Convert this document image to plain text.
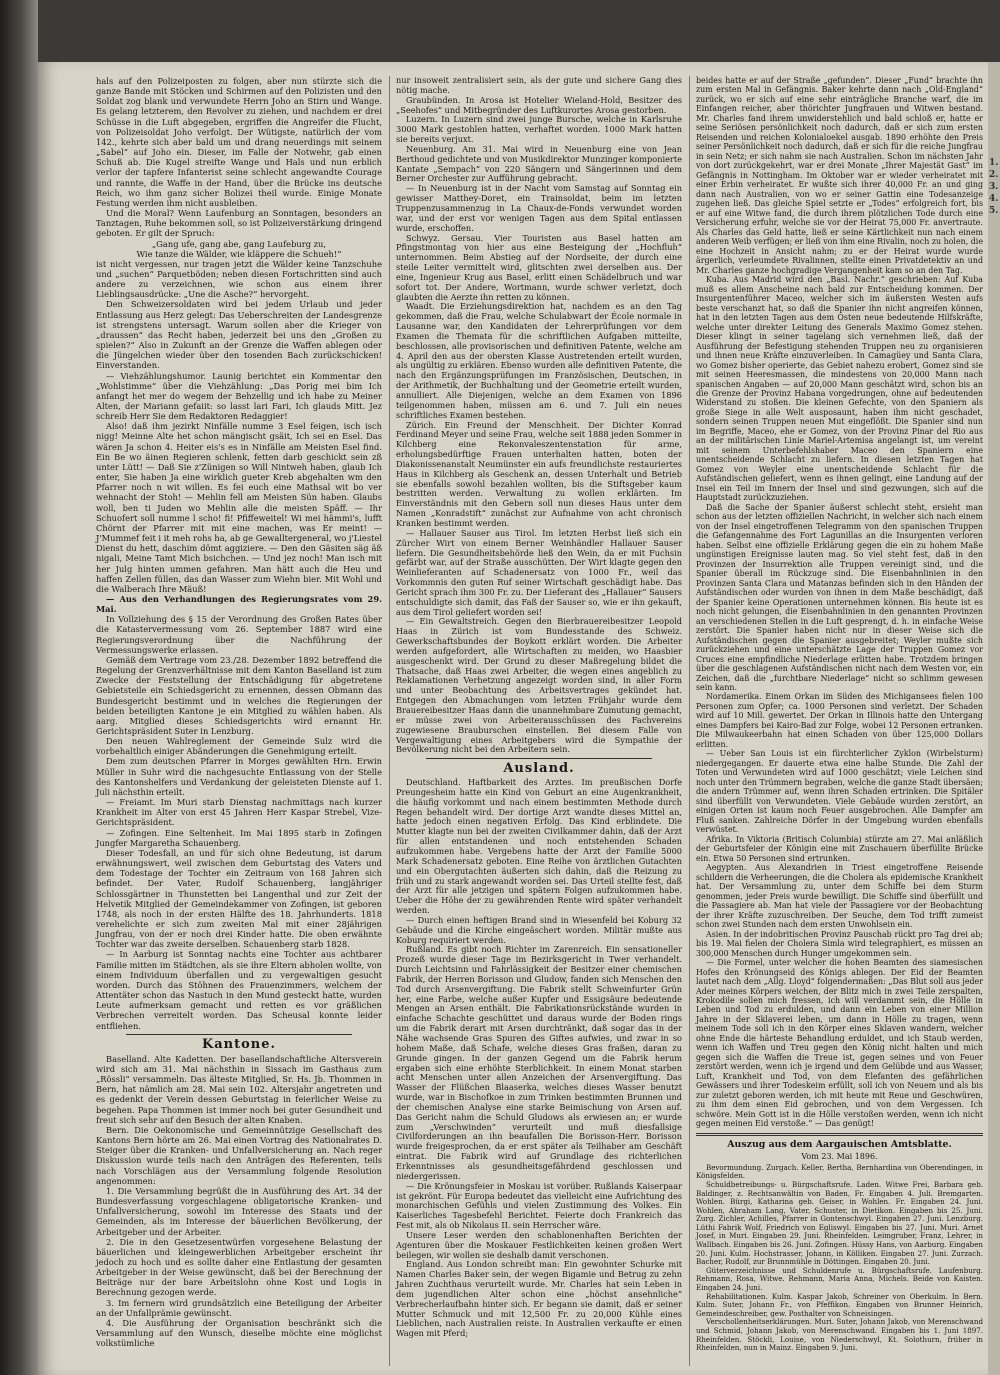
hals auf den Polizeiposten zu folgen, aber nun stürzte sich die ganze Bande mit Stöcken und Schirmen auf den Polizisten und den Soldat zog blank und verwundete Herrn Joho an Stirn und Wange. Es gelang letzterem, den Revolver zu ziehen, und nachdem er drei Schüsse in die Luft abgegeben, ergriffen die Angreifer die Flucht, von Polizeisoldat Joho verfolgt. Der Wütigste, natürlich der vom 142., kehrte sich aber bald um und drang neuerdings mit seinem „Sabel“ auf Joho ein. Dieser, im Falle der Notwehr, gab einen Schuß ab. Die Kugel streifte Wange und Hals und nun erblich verlor der tapfere Infanterist seine schlecht angewandte Courage und rannte, die Waffe in der Hand, über die Brücke ins deutsche Reich, wo ihm ganz sicher Bolizei theil wurde. Einige Monate Festung werden ihm nicht ausbleiben.

Und die Moral? Wenn Laufenburg an Sonntagen, besonders an Tanztagen, Ruhe bekommen soll, so ist Polizeiverstärkung dringend geboten. Er gilt der Spruch:

„Gang ufe, gang abe, gang Laufeburg zu,

Wie tanze die Wälder, wie kläppere die Schueh!“

ist nicht vergessen, nur tragen jetzt die Wälder keine Tanzschuhe und „suchen“ Parquetböden; neben diesen Fortschritten sind auch andere zu verzeichnen, wie schon aus einem ihrer Lieblingsausdrücke: „Une die Asche?“ hervorgeht.

Den Schweizersoldaten wird bei jedem Urlaub und jeder Entlassung aus Herz gelegt: Das Ueberschreiten der Landesgrenze ist strengstens untersagt. Warum sollen aber die Krieger von „draussen“ das Recht haben, jederzeit bei uns den „Großen zu spielen?“ Also in Zukunft an der Grenze die Waffen ablegen oder die Jüngelchen wieder über den tosenden Bach zurückschicken! Einverstanden.

— Viehzählungshumor. Launig berichtet ein Kommentar den „Wohlstimme“ über die Viehzählung: „Das Porig mei bim Ich anfangt het mer do wegem der Behzellig und ich habe zu Meiner Alten, der Mariann gefaiit: so lasst lari Fari, Ich glauds Mitt. Jez schreib Herr Sie dem Redaktoren Redaggier!

Also! daß ihm jezirkt Ninfälle numme 3 Esel feigen, isch isch nigg! Meinne Alte het schon mängischt gsäit, Ich sei en Esel. Das wären Ja schon 4. Heiter eis's es in Ninfälle am Meisten Esel find. Ein Be wo äinen Regieren schlenk, fetten darb geschickt sein zß unter Lütt! — Daß Sie z'Zünigen so Will Nintweh haben, glaub Ich enter, Sie haben Ja eine wirklich gueter Kreb abgehalten wm den Pfarrer noch n wit willen. Es fei euch eine Mathsal wit bo ver wehnacht der Stoh! — Mehlin fell am Meisten Sün haben. Glaubs woll, ben ti Juden wo Mehlin alle die meisten Späff. — Ihr Schuofert soll numme l scho! fi! Pfiffeweitel! Wi mei hämmi's, lufft Chörnt der Pfarrer mit mit eine machen, was Er meint! — J'Mummef feit i it meh rohs ha, ab ge Gewalltergeneral, wo j'Liestel Dienst du hett, daschim dömt aggiziere. — Den den Gäsiten säg äß nigali, Meine Tamt Mich bsichchen. — Und jez noch! Man isch mit her Julg hinten ummen gefahren. Man hätt auch die Heu und haffen Zellen füllen, das dan Wasser zum Wiehn bier. Mit Wohl und die Walberach Ihre Mäuß!

— Aus den Verhandlungen des Regierungsrates vom 29. Mai.

In Vollziehung des § 15 der Verordnung des Großen Rates über die Katastervermessung vom 26. September 1887 wird eine Regierungsverordnung über die Nachführung der Vermessungswerke erlassen.

Gemäß dem Vertrage vom 23./28. Dezember 1892 betreffend die Regelung der Grenzverhältnisse mit dem Kanton Baselland ist zum Zwecke der Feststellung der Entschädigung für abgetretene Gebietsteile ein Schiedsgericht zu ernennen, dessen Obmann das Bundesgericht bestimmt und in welches die Regierungen der beiden beteiligten Kantone je ein Mitglied zu wählen haben. Als aarg. Mitglied dieses Schiedsgerichts wird ernannt Hr. Gerichtspräsident Suter in Lenzburg.

Den neuen Wahlreglement der Gemeinde Sulz wird die vorbehaltlich einiger Abänderungen die Genehmigung erteilt.

Dem zum deutschen Pfarrer in Morges gewählten Hrn. Erwin Müller in Suhr wird die nachgesuchte Entlassung von der Stelle des Kantonshelfers und Verdankung der geleisteten Dienste auf 1. Juli nächsthin erteilt.

— Freiamt. Im Muri starb Dienstag nachmittags nach kurzer Krankheit im Alter von erst 45 Jahren Herr Kaspar Strebel, Vize-Gerichtspräsident.

— Zofingen. Eine Seltenheit. Im Mai 1895 starb in Zofingen Jungfer Margaretha Schauenberg.

Dieser Todesfall, an und für sich ohne Bedeutung, ist darum erwähnungswert, weil zwischen dem Geburtstag des Vaters und dem Todestage der Tochter ein Zeitraum von 168 Jahren sich befindet. Der Vater, Rudolf Schauenberg, langjähriger Schlossgärtner in Thunstetten bei Langenthal und zur Zeit der Helvetik Mitglied der Gemeindekammer von Zofingen, ist geboren 1748, als noch in der ersten Hälfte des 18. Jahrhunderts. 1818 verehelichte er sich zum zweiten Mal mit einer 28jährigen Jungfrau, von der er noch drei Kinder hatte. Die oben erwähnte Tochter war das zweite derselben. Schauenberg starb 1828.

— In Aarburg ist Sonntag nachts eine Tochter aus achtbarer Familie mitten im Städtchen, als sie ihre Eltern abholen wollte, von einem Individuum überfallen und zu vergewaltigen gesucht worden. Durch das Stöhnen des Frauenzimmers, welchem der Attentäter schon das Nastuch in den Mund gesteckt hatte, wurden Leute aufmerksam gemacht und retten es vor gräßlichen Verbrechen verreitelt worden. Das Scheusal konnte leider entfliehen.

Kantone.

Baselland. Alte Kadetten. Der basellandschaftliche Altersverein wird sich am 31. Mai nächsthin in Sissach im Gasthaus zum „Rössli“ versammeln. Das älteste Mitglied, Sr. Hs. Jb. Thommen in Bern, hat nämlich am 28. Mai sein 102. Altersjahr angetreten und es gedenkt der Verein dessen Geburtstag in feierlicher Weise zu begehen. Papa Thommen ist immer noch bei guter Gesundheit und freut sich sehr auf den Besuch der alten Knaben.

Bern. Die Oekonomische und Gemeinnützige Gesellschaft des Kantons Bern hörte am 26. Mai einen Vortrag des Nationalrates D. Steiger über die Kranken- und Unfallversicherung an. Nach reger Diskussion wurde teils nach den Anträgen des Referenten, teils nach Vorschlägen aus der Versammlung folgende Resolution angenommen:

1. Die Versammlung begrüßt die in Ausführung des Art. 34 der Bundesverfassung vorgeschlagene obligatorische Kranken- und Unfallversicherung, sowohl im Interesse des Staats und der Gemeinden, als im Interesse der bäuerlichen Bevölkerung, der Arbeitgeber und der Arbeiter.

2. Die in den Gesetzesentwürfen vorgesehene Belastung der bäuerlichen und kleingewerblichen Arbeitgeber erscheint ihr jedoch zu hoch und es sollte daher eine Entlastung der gesamten Arbeitgeber in der Weise gewünscht, daß bei der Berechnung der Beiträge nur der bare Arbeitslohn ohne Kost und Logis in Berechnung gezogen werde.

3. Im fernern wird grundsätzlich eine Beteiligung der Arbeiter an der Unfallprämie gewünscht.

4. Die Ausführung der Organisation beschränkt sich die Versammlung auf den Wunsch, dieselbe möchte eine möglichst volkstümliche

nur insoweit zentralisiert sein, als der gute und sichere Gang dies nötig mache.

Graubünden. In Arosa ist Hotelier Wieland-Hold, Besitzer des „Seehofes“ und Mitbegründer des Luftkurortes Arosa gestorben.

Luzern. In Luzern sind zwei junge Bursche, welche in Karlsruhe 3000 Mark gestohlen hatten, verhaftet worden. 1000 Mark hatten sie bereits verjuxt.

Neuenburg. Am 31. Mai wird in Neuenburg eine von Jean Berthoud gedichtete und von Musikdirektor Munzinger komponierte Kantate „Sempach“ von 220 Sängern und Sängerinnen und dem Berner Orchester zur Aufführung gebracht.

— In Neuenburg ist in der Nacht vom Samstag auf Sonntag ein gewisser Matthey-Doret, ein Trainsoldat, beim im letzten Truppenzusammenzug in La Chaux-de-Fonds verwundet worden war, und der erst vor wenigen Tagen aus dem Spital entlassen wurde, erschoffen.

Schwyz. Gersau. Vier Touristen aus Basel hatten am Pfingstmontag von hier aus eine Besteigung der „Hochfluh“ unternommen. Beim Abstieg auf der Nordseite, der durch eine steile Leiter vermittelt wird, glitschten zwei derselben aus. Der eine, Ingenieur Krug aus Basel, erlitt einen Schädelbruch und war sofort tot. Der Andere, Wortmann, wurde schwer verletzt, doch glaubten die Aerzte ihn retten zu können.

Waadt. Die Erziehungsdirektion hat, nachdem es an den Tag gekommen, daß die Frau, welche Schulabwart der École normale in Lausanne war, den Kandidaten der Lehrerprüfungen vor dem Examen die Themata für die schriftlichen Aufgaben mitteilte, beschlossen, alle provisorischen und definitiven Patente, welche am 4. April den aus der obersten Klasse Austretenden erteilt wurden, als ungültig zu erklären. Ebenso wurden alle definitiven Patente, die nach den Ergänzungsprüfungen im Französischen, Deutschen, in der Arithmetik, der Buchhaltung und der Geometrie erteilt wurden, annulliert. Alle Diejenigen, welche an dem Examen von 1896 teilgenommen haben, müssen am 6. und 7. Juli ein neues schriftliches Examen bestehen.

Zürich. Ein Freund der Menschheit. Der Dichter Konrad Ferdinand Meyer und seine Frau, welche seit 1888 jeden Sommer in Kilchberg eine Rekonvaleszentenstation für arme, erholungsbedürftige Frauen unterhalten hatten, boten der Diakonissenanstalt Neumünster ein aufs freundlichste restauriertes Haus in Kilchberg als Geschenk an, dessen Unterhalt und Betrieb sie ebenfalls sowohl bezahlen wollten, bis die Stiftsgeber kaum bestritten werden. Verwaltung zu wollen erklärten. Im Einverständnis mit den Gebern soll nun dieses Haus unter dem Namen „Konradstift“ zunächst zur Aufnahme von acht chronisch Kranken bestimmt werden.

— Hallauer Sauser aus Tirol. Im letzten Herbst ließ sich ein Zürcher Wirt von einem Berner Weinhändler Hallauer Sauser liefern. Die Gesundheitsbehörde ließ den Wein, da er mit Fuchsin gefärbt war, auf der Straße ausschütten. Der Wirt klagte gegen den Weinlieferanten auf Schadenersatz von 1000 Fr., weil das Vorkommnis den guten Ruf seiner Wirtschaft geschädigt habe. Das Gericht sprach ihm 300 Fr. zu. Der Lieferant des „Hallauer“ Sausers entschuldigte sich damit, das Faß der Sauser so, wie er ihn gekauft, aus dem Tirol geliefert worden sei!

— Ein Gewaltstreich. Gegen den Bierbrauereibesitzer Leopold Haas in Zürich ist vom Bundesstande des Schweiz. Gewerkschaftsbundes der Boykott erklärt worden. Die Arbeiter werden aufgefordert, alle Wirtschaften zu meiden, wo Haasbier ausgeschenkt wird. Der Grund zu dieser Maßregelung bildet die Thatsache, daß Haas zwei Arbeiter, die wegen eines angeblich zu Reklamationen Verhetzung angezeigt worden sind, in aller Form und unter Beobachtung des Arbeitsvertrages gekündet hat. Entgegen den Abmachungen vom letzten Frühjahr wurde dem Brauereibesitzer Haas dann die unannehmbare Zumutung gemacht, er müsse zwei von Arbeiterausschüssen des Fachvereins zugewiesene Brauburschen einstellen. Bei diesem Falle von Vergewaltigung eines Arbeitgebers wird die Sympathie der Bevölkerung nicht bei den Arbeitern sein.

Ausland.

Deutschland. Haftbarkeit des Arztes. Im preußischen Dorfe Preungesheim hatte ein Kind von Geburt an eine Augenkrankheit, die häufig vorkommt und nach einem bestimmten Methode durch Regen behandelt wird. Der dortige Arzt wandte dieses Mittel an, hatte jedoch einen negativen Erfolg. Das Kind erblindete. Die Mutter klagte nun bei der zweiten Civilkammer dahin, daß der Arzt für allen entstandenen und noch entstehenden Schaden aufzukommen habe. Vergebens hatte der Arzt der Familie 5000 Mark Schadenersatz geboten. Eine Reihe von ärztlichen Gutachten und ein Obergutachten äußerten sich dahin, daß die Reizung zu früh und zu stark angewandt worden sei. Das Urteil stellte fest, daß der Arzt für alle jetzigen und spätern Folgen aufzukommen habe. Ueber die Höhe der zu gewährenden Rente wird später verhandelt werden.

— Durch einen heftigen Brand sind in Wiesenfeld bei Koburg 32 Gebäude und die Kirche eingeäschert worden. Militär mußte aus Koburg requiriert werden.

Rußland. Es gibt noch Richter im Zarenreich. Ein sensationeller Prozeß wurde dieser Tage im Bezirksgericht in Twer verhandelt. Durch Leichtsinn und Fahrlässigkeit der Besitzer einer chemischen Fabrik, der Herren Borisson und Gludow, fanden sich Menschen den Tod durch Arsenvergiftung. Die Fabrik stellt Schweinfurter Grün her, eine Farbe, welche außer Kupfer und Essigsäure bedeutende Mengen an Arsen enthält. Die Fabrikationsrückstände wurden in einfache Schachte geschüttet und daraus wurde der Boden rings um die Fabrik derart mit Arsen durchtränkt, daß sogar das in der Nähe wachsende Gras Spuren des Giftes aufwies, und zwar in so hohem Maße, daß Schafe, welche dieses Gras fraßen, daran zu Grunde gingen. In der ganzen Gegend um die Fabrik herum ergaben sich eine erhöhte Sterblichkeit. In einem Monat starben acht Menschen unter allen Anzeichen der Arsenvergiftung. Das Wasser der Flüßchen Blaaserka, welches dieses Wasser benutzt wurde, war in Bischofkoe in zum Trinken bestimmten Brunnen und der chemischen Analyse eine starke Beimischung von Arsen auf. Das Gericht nahm die Schuld Gludows als erwiesen an; er wurde zum „Verschwinden“ verurteilt und muß diesfallsige Civilforderungen an ihn beaufallen Die Borisson-Herr. Borisson wurde freigesprochen, da er erst später als Teilhaber am Geschäft eintrat. Die Fabrik wird auf Grundlage des richterlichen Erkenntnisses als gesundheitsgefährdend geschlossen und niedergerissen.

— Die Krönungsfeier in Moskau ist vorüber. Rußlands Kaiserpaar ist gekrönt. Für Europa bedeutet das vielleicht eine Aufrichtung des monarchischen Gefühls und vielen Zustimmung des Volkes. Ein Kaiserliches Tagesbefehl Berichtet. Feierte doch Frankreich das Fest mit, als ob Nikolaus II. sein Herrscher wäre.

Unsere Leser werden den schablonenhaften Berichten der Agenturen über die Moskauer Festlichkeiten keinen großen Wert beilegen, wir wollen sie deshalb damit verschonen.

England. Aus London schreibt man: Ein gewohnter Schurke mit Namen Charles Baker sein, der wegen Bigamie und Betrug zu zehn Jahren Zuchthaus verurteilt wurde. Mr. Charles hat sein Leben in dem jugendlichen Alter schon eine „höchst ansehnliche“ Verbrecherlaufbahn hinter sich. Er begann sie damit, daß er seiner Mutter Schmuck und mit 12,500 Fr. zu 20,000 Kühle eines Lieblichen, nach Australien reiste. In Australien verkaufte er einen Wagen mit Pferd;

beides hatte er auf der Straße „gefunden“. Dieser „Fund“ brachte ihn zum ersten Mal in Gefängnis. Baker kehrte dann nach „Old-England“ zurück, wo er sich auf eine sehr einträgliche Branche warf, die im Einfangen reicher, aber thörichter Jungfrauen und Witwen bestand. Mr. Charles fand ihrem unwiderstehlich und bald schloß er, hatte er seine Seriösen persönlichkeit noch dadurch, daß er sich zum ersten Reisenden und reichen Kolonialoekel ausgab. 1890 erhöhte den Preis seiner Persönlichkeit noch dadurch, daß er sich für die reiche Jungfrau in sein Netz; er sich nahm sie nach Australien. Schon im nächsten Jahr von dort zurückgekehrt, war er drei Monate „Ihrer Majestät Gast“ im Gefängnis in Nottingham. Im Oktober war er wieder verheiratet mit einer Erbin verheiratet. Er wußte sich ihrer 40,000 Fr. an und ging dann nach Australien, von wo er seiner Gattin eine Todesanzeige zugehen ließ. Das gleiche Spiel setzte er „Todes“ erfolgreich fort, bis er auf eine Witwe fand, die durch ihrem plötzlichen Tode durch eine Versicherung erfuhr, welche sie vor der Heirat 75,000 Fr. anvertraute. Als Charles das Geld hatte, ließ er seine Kärtlichkeit nun nach einem anderen Weib verfügen; er ließ von ihm eine Rivalin, noch zu holen, die eine Hochzeit in Ansicht nahm; zu er der Heirat wurde wurde ärgerlich, verleumdete Rivalinnen, stellte einen Privatdetektiv an und Mr. Charles ganze hochgradige Vergangenheit kam so an den Tag.

Kuba. Aus Madrid wird den „Basl. Nachr.“ geschrieben: Auf Kuba muß es allem Anscheine nach bald zur Entscheidung kommen. Der Insurgentenführer Maceo, welcher sich im äußersten Westen aufs beste verschanzt hat, so daß die Spanier ihn nicht angreifen können, hat in den letzten Tagen aus dem Osten neue bedeutende Hilfskräfte, welche unter direkter Leitung des Generals Maximo Gomez stehen. Dieser klingt in seiner tagelang sich vernehmen ließ, daß der Ausführung der Befestigung stehenden Truppen neu zu organisieren und ihnen neue Kräfte einzuverleiben. In Camagüey und Santa Clara, wo Gomez bisher operierte, das Gebiet nahezu erobert, Gomez sind sie mit seinen Heeresmassen, die mindestens von 20,000 Mann nach spanischen Angaben — auf 20,000 Mann geschätzt wird, schon bis an die Grenze der Provinz Habana vorgedrungen, ohne auf bedeutenden Widerstand zu stoßen. Die kleinen Gefechte, von den Spaniern als große Siege in alle Welt ausposaunt, haben ihm nicht geschadet, sondern seinen Truppen neuen Mut eingeflößt. Die Spanier sind nun im Begriffe, Maceo, ehe er Gomez, von der Provinz Pinar del Rio aus an der militärischen Linie Mariel-Artemisa angelangt ist, um vereint mit seinem Unterbefehlshaber Maceo den Spaniern eine unentscheidende Schlacht zu liefern. In diesen letzten Tagen hat Gomez von Weyler eine unentscheidende Schlacht für die Aufständischen geliefert, wenn es ihnen gelingt, eine Landung auf der Insel ein Teil im Innern der Insel und sind gezwungen, sich auf die Hauptstadt zurückzuziehen.

Daß die Sache der Spanier äußerst schlecht steht, ersieht man schon aus der letzten offiziellen Nachricht, in welcher sich nach einem von der Insel eingetroffenen Telegramm von den spanischen Truppen die Gefangennahme des Fort Lagunillas an die Insurgenten verloren haben. Selbst eine offizielle Erklärung gegen die ein zu hohem Maße ungünstigen Ereignisse lauten mag. So viel steht fest, daß in den Provinzen der Insurrektion alle Truppen vereinigt sind, und die Spanier überall im Rückzuge sind. Die Eisenbahnlinien in den Provinzen Santa Clara und Matanzas befinden sich in den Händen der Aufständischen oder wurden von ihnen in dem Maße beschädigt, daß der Spanier keine Operationen unternehmen können. Bis heute ist es noch nicht gelungen, die Eisenbahnlinien in den genannten Provinzen an verschiedenen Stellen in die Luft gesprengt, d. h. in einfache Weise zerstört. Die Spanier haben nicht nur in dieser Weise sich die Aufständischen gegen die Spanier ausgebreitet; Weyler mußte sich zurückziehen und eine unterschätzte Lage der Truppen Gomez vor Cruces eine empfindliche Niederlage erlitten habe. Trotzdem bringen über die geschlagenen Aufständischen nicht nach dem Westen vor, ein Zeichen, daß die „furchtbare Niederlage“ nicht so schlimm gewesen sein kann.

Nordamerika. Einem Orkan im Süden des Michigansees fielen 100 Personen zum Opfer; ca. 1000 Personen sind verletzt. Der Schaden wird auf 10 Mill. gewertet. Der Orkan in Illinois hatte den Untergang eines Dampfers bei Kairo-Bad zur Folge, wobei 12 Personen ertranken. Die Milwaukeerbahn hat einen Schaden von über 125,000 Dollars erlitten.

— Ueber San Louis ist ein fürchterlicher Zyklon (Wirbelsturm) niedergegangen. Er dauerte etwa eine halbe Stunde. Die Zahl der Toten und Verwundeten wird auf 1000 geschätzt; viele Leichen sind noch unter den Trümmern begraben, welche die ganze Stadt übersäen; die andern Trümmer auf, wenn ihren Schaden ertrinken. Die Spitäler sind überfüllt von Verwundeten. Viele Gebäude wurden zerstört, an einigen Orten ist kaum noch Feuer ausgebrochen. Alle Dampfer am Fluß sanken. Zahlreiche Dörfer in der Umgebung wurden ebenfalls verwüstet.

Afrika. In Viktoria (Britisch Columbia) stürzte am 27. Mai anläßlich der Geburtsfeier der Königin eine mit Zuschauern überfüllte Brücke ein. Etwa 50 Personen sind ertrunken.

Aegypten. Aus Alexandrien in Triest eingetroffene Reisende schildern die Verheerungen, die die Cholera als epidemische Krankheit hat. Der Versammlung zu, unter dem Schiffe bei dem Sturm genommen, jeder Preis wurde bewilligt. Die Schiffe sind überfüllt und die Passagiere ab. Man hat viele der Passagiere vor der Beobachtung der ihrer Kräfte zuzuschreiben. Der Seuche, dem Tod trifft zumeist schon zwei Stunden nach dem ersten Unwohlsein ein.

Asien. In der indobritischen Provinz Pauschab rückt pro Tag drei ab; bis 19. Mai fielen der Cholera Simla wird telegraphiert, es müssen an 300,000 Menschen durch Hunger umgekommen sein.

— Die Formel, unter welcher die hohen Beamten des siamesischen Hofes den Krönungseid des Königs ablegen. Der Eid der Beamten lautet nach dem „Allg. Lloyd“ folgendermaßen: „Das Blut soll aus jeder Ader meines Körpers weichen, der Blitz mich in zwei Teile zerspalten, Krokodile sollen mich fressen, ich will verdammt sein, die Hölle in Leben und Tod zu erdulden, und dann ein Leben von einer Million Jahre in der Sklaverei leben, um dann in Hölle zu tragen, wenn meinem Tode soll ich in den Körper eines Sklaven wandern, welcher ohne Ende die härteste Behandlung erduldet, und ich Staub werden, wenn ich Waffen und Treu gegen den König nicht halten und mich gegen sich die Waffen die Treue ist, gegen seines und von Feuer zerstört werden, wenn ich je irgend und dem Gelübde und aus Wasser, Luft, Krankheit und Tod, von dem Elefanten des gefährlichen Gewässers und ihrer Todeskeim erfüllt, soll ich von Neuem und als bis zur zuletzt geboren werden, ich mit heute mit Reue und Geschwüren, zu ihm dem einen Eid gebrochen, und von dem Vergessen. Ich schwöre. Mein Gott ist in die Hölle verstoßen werden, wenn ich nicht gegen meinen Eid verstoße.“ — Das genügt!

Auszug aus dem Aargauischen Amtsblatte.
Vom 23. Mai 1896.

Bevormundung. Zurgach. Keller, Bertha, Bernhardina von Oberendingen, in Königsfelden.

Schuldbetreibungs- u. Bürgschaftsrufe. Laden. Witwe Frei, Barbara geb. Baldinger, z. Rechtsanwältin von Baden, Fr. Eingaben 4. Juli. Bremgarten. Wohlen. Bürgi, Katharina geb. Geiser, in Wohlen. Fr. Eingaben 24. Juni. Wohlen, Abraham Lang, Vater, Schuster, in Dietikon. Eingaben bis 25. Juni. Zurg. Zichler, Achilles, Pfarrer in Gontenschwyl. Eingaben 27. Juni. Lenzburg. Lüthi Fabrik Wolf, Friedrich von Egliswyl. Eingaben bis 27. Juni. Muri. Arnet Josef, in Muri. Eingaben 29. Juni. Rheinfelden. Leimgruber, Franz, Lehrer, in Wallbach. Eingaben bis 26. Juni. Zofingen. Hüssy Hans, von Aarburg. Eingaben 20. Juni. Kulm. Hochstrasser, Johann, in Kölliken. Eingaben 27. Juni. Zurzach. Bacher, Rudolf, zur Brunnmühle in Döttingen. Eingaben 20. Juni.

Güterverzeichnisse und Schuldenrufe u. Bürgschaftsrufe. Laufenburg. Rehmann, Rosa, Witwe. Rehmann, Maria Anna, Michels. Beide von Kaisten. Eingaben 24. Juni.

Rehabilitationen. Kulm. Kaspar Jakob, Schreiner von Oberkulm. In Bern. Kulm. Suter, Johann Fr., von Pfeffikon. Eingaben von Brunner Heinrich, Gemeindeschreiber, gew. Posthalter von Schneisingen.

Verschollenheitserklärungen. Muri. Suter, Johann Jakob, von Merenschwand und Schmid, Johann Jakob, von Merenschwand. Eingaben bis 1. Juni 1897. Rheinfelden. Stöckli, Louise, von Niederschwyl, Kt. Solothurn, früher in Rheinfelden, nun in Mainz. Eingaben 9. Juni.

1.
2.
3.
4.
5.
